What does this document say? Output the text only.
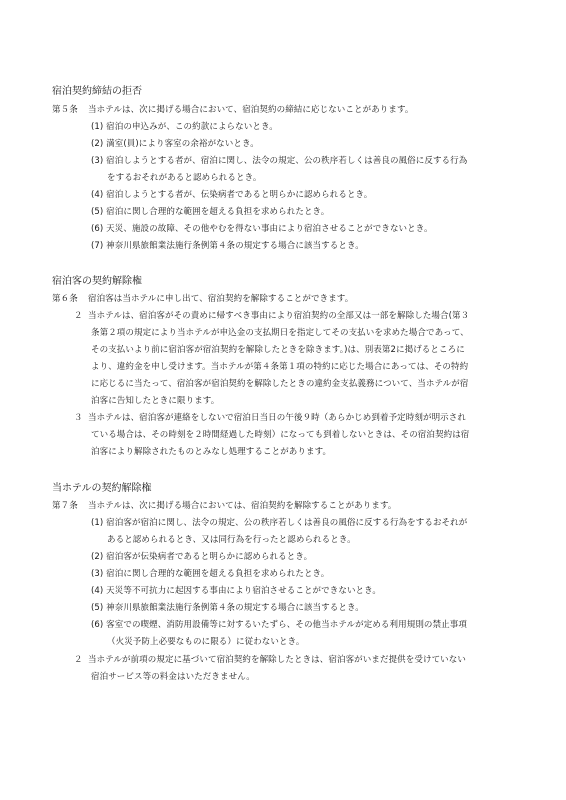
宿泊契約締結の拒否
第５条 当ホテルは、次に掲げる場合において、宿泊契約の締結に応じないことがあります。
(1) 宿泊の申込みが、この約款によらないとき。
(2) 満室(員)により客室の余裕がないとき。
(3) 宿泊しようとする者が、宿泊に関し、法令の規定、公の秩序若しくは善良の風俗に反する行為
をするおそれがあると認められるとき。
(4) 宿泊しようとする者が、伝染病者であると明らかに認められるとき。
(5) 宿泊に関し合理的な範囲を超える負担を求められたとき。
(6) 天災、施設の故障、その他やむを得ない事由により宿泊させることができないとき。
(7) 神奈川県旅館業法施行条例第４条の規定する場合に該当するとき。
宿泊客の契約解除権
第６条 宿泊客は当ホテルに申し出て、宿泊契約を解除することができます。
２ 当ホテルは、宿泊客がその責めに帰すべき事由により宿泊契約の全部又は一部を解除した場合(第３
条第２項の規定により当ホテルが申込金の支払期日を指定してその支払いを求めた場合であって、
その支払いより前に宿泊客が宿泊契約を解除したときを除きます。)は、別表第2に掲げるところに
より、違約金を申し受けます。当ホテルが第４条第１項の特約に応じた場合にあっては、その特約
に応じるに当たって、宿泊客が宿泊契約を解除したときの違約金支払義務について、当ホテルが宿
泊客に告知したときに限ります。
３ 当ホテルは、宿泊客が連絡をしないで宿泊日当日の午後９時（あらかじめ到着予定時刻が明示され
ている場合は、その時刻を２時間経過した時刻）になっても到着しないときは、その宿泊契約は宿
泊客により解除されたものとみなし処理することがあります。
当ホテルの契約解除権
第７条 当ホテルは、次に掲げる場合においては、宿泊契約を解除することがあります。
(1) 宿泊客が宿泊に関し、法令の規定、公の秩序若しくは善良の風俗に反する行為をするおそれが
あると認められるとき、又は同行為を行ったと認められるとき。
(2) 宿泊客が伝染病者であると明らかに認められるとき。
(3) 宿泊に関し合理的な範囲を超える負担を求められたとき。
(4) 天災等不可抗力に起因する事由により宿泊させることができないとき。
(5) 神奈川県旅館業法施行条例第４条の規定する場合に該当するとき。
(6) 客室での喫煙、消防用設備等に対するいたずら、その他当ホテルが定める利用規則の禁止事項
（火災予防上必要なものに限る）に従わないとき。
２ 当ホテルが前項の規定に基づいて宿泊契約を解除したときは、宿泊客がいまだ提供を受けていない
宿泊サービス等の料金はいただきません。
